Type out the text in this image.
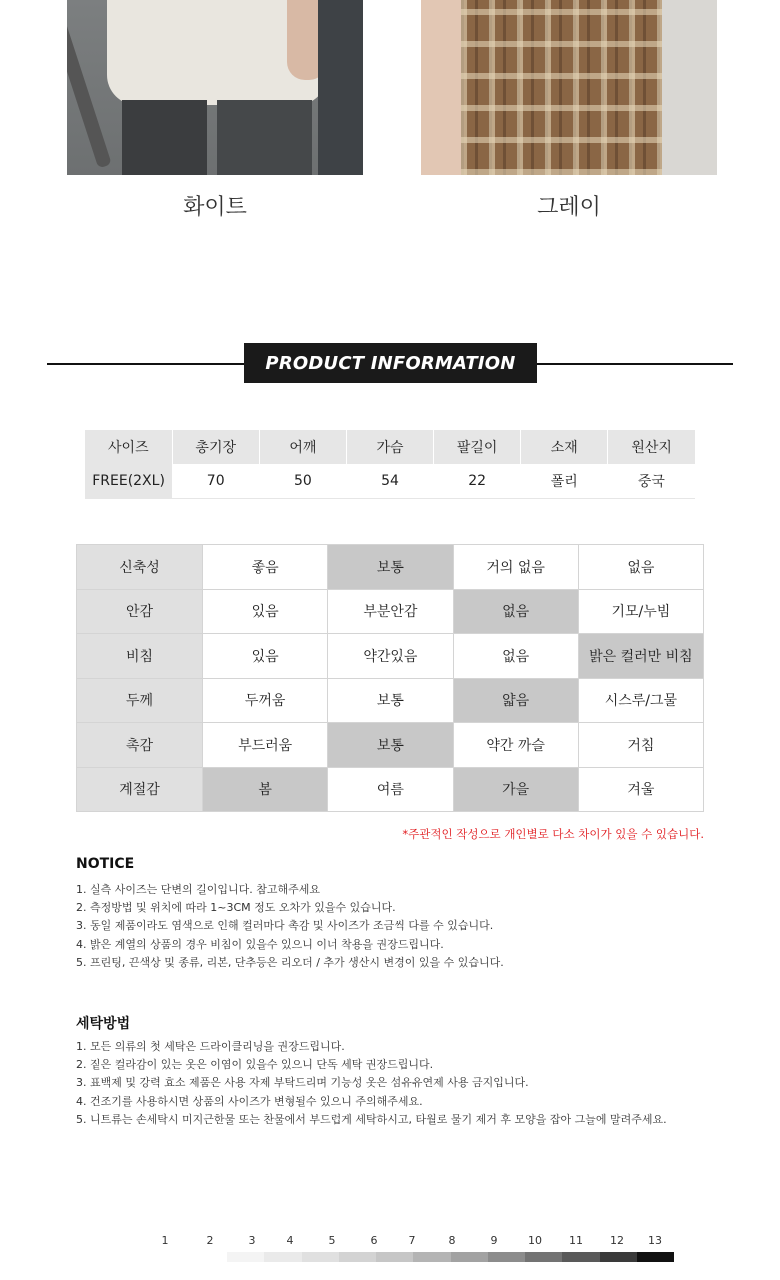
화이트	그레이
PRODUCT INFORMATION
사이즈	총기장	어깨	가슴	팔길이	소재	원산지
FREE(2XL)	70	50	54	22	폴리	중국
신축성	좋음	보통	거의 없음	없음
안감	있음	부분안감	없음	기모/누빔
비침	있음	약간있음	없음	밝은 컬러만 비침
두께	두꺼움	보통	얇음	시스루/그물
촉감	부드러움	보통	약간 까슬	거침
계절감	봄	여름	가을	겨울
*주관적인 작성으로 개인별로 다소 차이가 있을 수 있습니다.
NOTICE
1. 실측 사이즈는 단변의 길이입니다. 참고해주세요
2. 측정방법 및 위치에 따라 1~3CM 정도 오차가 있을수 있습니다.
3. 동일 제품이라도 염색으로 인해 컬러마다 촉감 및 사이즈가 조금씩 다를 수 있습니다.
4. 밝은 계열의 상품의 경우 비침이 있을수 있으니 이너 착용을 권장드립니다.
5. 프린팅, 끈색상 및 종류, 리본, 단추등은 리오더 / 추가 생산시 변경이 있을 수 있습니다.
세탁방법
1. 모든 의류의 첫 세탁은 드라이클리닝을 권장드립니다.
2. 짙은 컬라감이 있는 옷은 이염이 있을수 있으니 단독 세탁 권장드립니다.
3. 표백제 및 강력 효소 제품은 사용 자제 부탁드리며 기능성 옷은 섬유유연제 사용 금지입니다.
4. 건조기를 사용하시면 상품의 사이즈가 변형될수 있으니 주의해주세요.
5. 니트류는 손세탁시 미지근한물 또는 찬물에서 부드럽게 세탁하시고, 타월로 물기 제거 후 모양을 잡아 그늘에 말려주세요.
1	2	3	4	5	6	7	8	9	10 11 12 13
